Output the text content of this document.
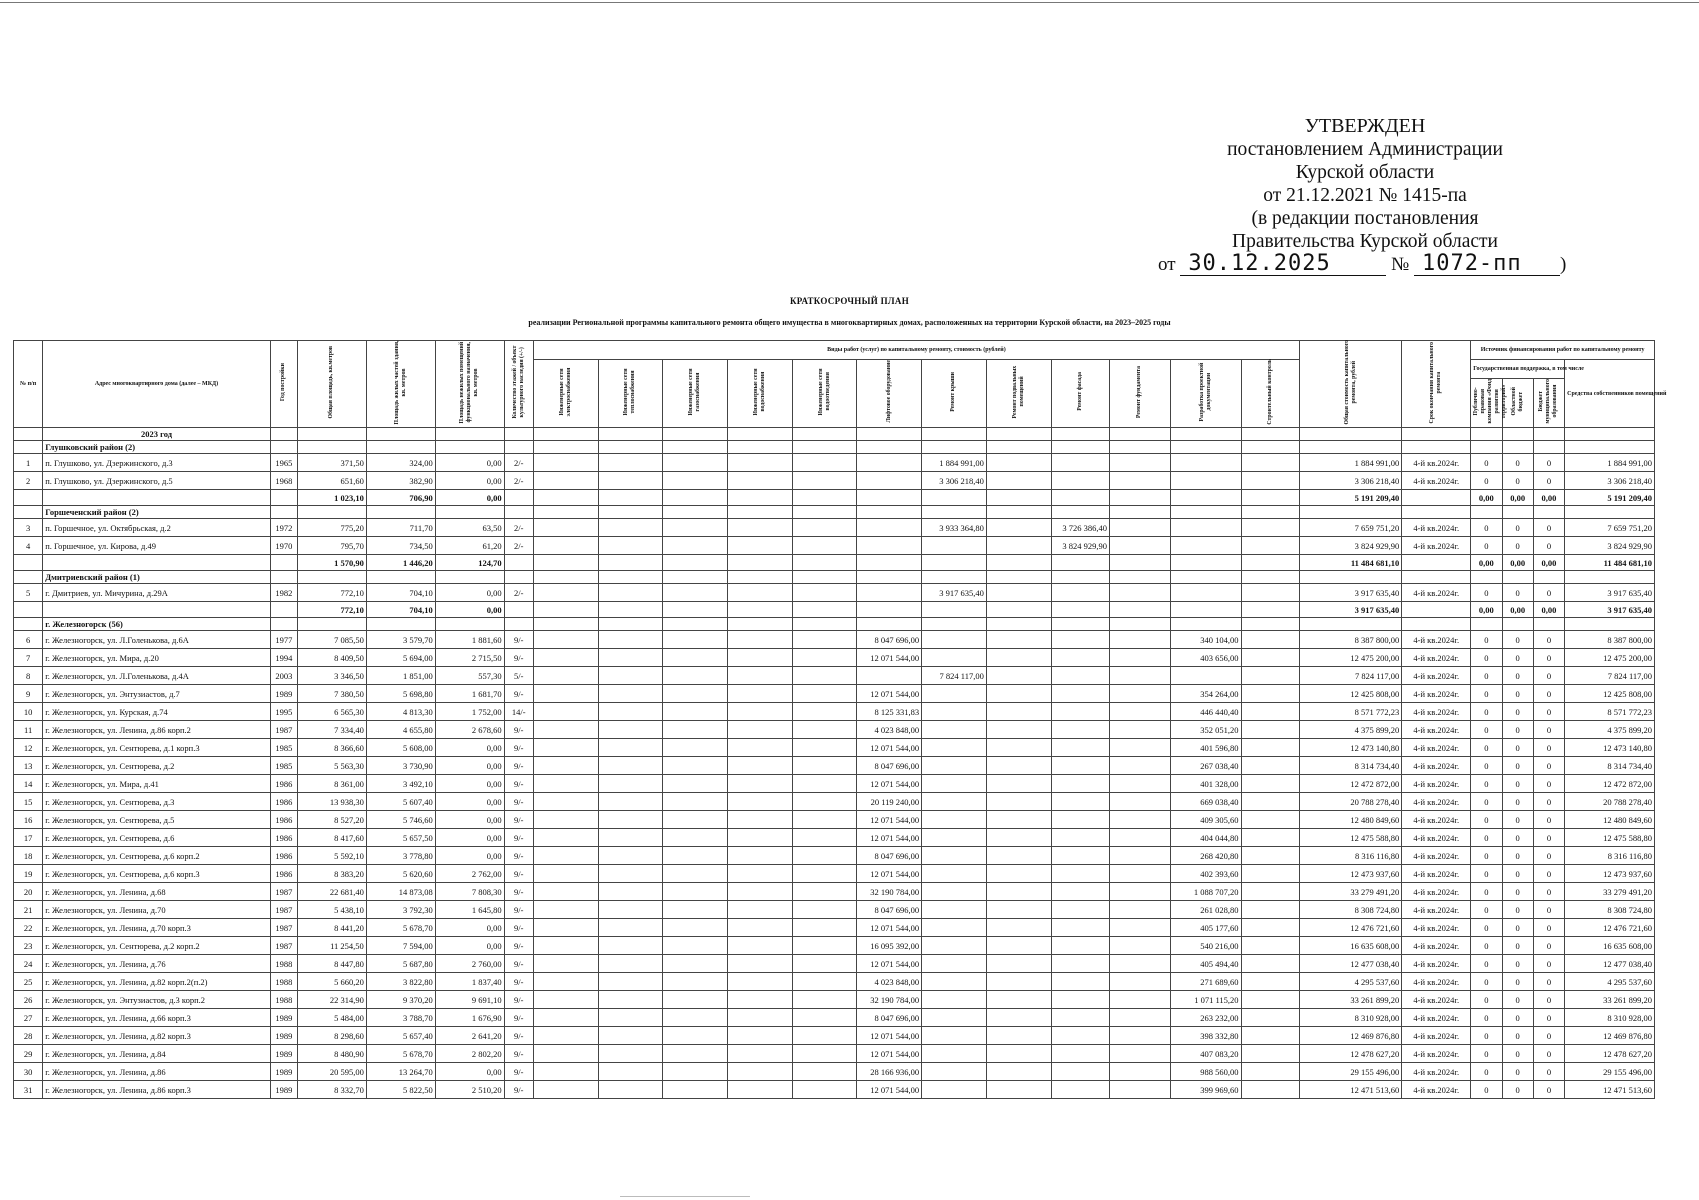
УТВЕРЖДЕН
постановлением Администрации
Курской области
от 21.12.2021 № 1415-па
(в редакции постановления
Правительства Курской области
от 30.12.2025	№ 1072-пп )
КРАТКОСРОЧНЫЙ ПЛАН
реализации Региональной программы капитального ремонта общего имущества в многоквартирных домах, расположенных на территории Курской области, на 2023–2025 годы
№ п/п	Адрес многоквартирного дома (далее – МКД)	Год постройки	Общая площадь, кв.метров	Площадь жилых частей здания, кв. метров	Площадь нежилых помещений функционального назначения, кв. метров	Количество этажей / объект культурного наследия (+/-)	Виды работ (услуг) по капитальному ремонту, стоимость (рублей)												Общая стоимость капитального ремонта, рублей	Срок окончания капитального ремонта	Источник финансирования работ по капитальному ремонту			
							Инженерные сети электроснабжения	Инженерные сети теплоснабжения	Инженерные сети газоснабжения	Инженерные сети водоснабжения	Инженерные сети водоотведения	Лифтовое оборудование	Ремонт крыши	Ремонт подвальных помещений	Ремонт фасада	Ремонт фундамента	Разработка проектной документации	Строительный контроль			Государственная поддержка, в том числе			Средства собственников помещений
																					Публично-правовая компания «Фонд развития территорий»	Областной бюджет	Бюджет муниципального образования	
	2023 год																							
	Глушковский район (2)																							
1	п. Глушково, ул. Дзержинского, д.3	1965	371,50	324,00	0,00	2/-							1 884 991,00						1 884 991,00	4-й кв.2024г.	0	0	0	1 884 991,00
2	п. Глушково, ул. Дзержинского, д.5	1968	651,60	382,90	0,00	2/-							3 306 218,40						3 306 218,40	4-й кв.2024г.	0	0	0	3 306 218,40
			1 023,10	706,90	0,00														5 191 209,40		0,00	0,00	0,00	5 191 209,40
	Горшеченский район (2)																							
3	п. Горшечное, ул. Октябрьская, д.2	1972	775,20	711,70	63,50	2/-							3 933 364,80		3 726 386,40				7 659 751,20	4-й кв.2024г.	0	0	0	7 659 751,20
4	п. Горшечное, ул. Кирова, д.49	1970	795,70	734,50	61,20	2/-									3 824 929,90				3 824 929,90	4-й кв.2024г.	0	0	0	3 824 929,90
			1 570,90	1 446,20	124,70														11 484 681,10		0,00	0,00	0,00	11 484 681,10
	Дмитриевский район (1)																							
5	г. Дмитриев, ул. Мичурина, д.29А	1982	772,10	704,10	0,00	2/-							3 917 635,40						3 917 635,40	4-й кв.2024г.	0	0	0	3 917 635,40
			772,10	704,10	0,00														3 917 635,40		0,00	0,00	0,00	3 917 635,40
	г. Железногорск (56)																							
6	г. Железногорск, ул. Л.Голенькова, д.6А	1977	7 085,50	3 579,70	1 881,60	9/-						8 047 696,00					340 104,00		8 387 800,00	4-й кв.2024г.	0	0	0	8 387 800,00
7	г. Железногорск, ул. Мира, д.20	1994	8 409,50	5 694,00	2 715,50	9/-						12 071 544,00					403 656,00		12 475 200,00	4-й кв.2024г.	0	0	0	12 475 200,00
8	г. Железногорск, ул. Л.Голенькова, д.4А	2003	3 346,50	1 851,00	557,30	5/-							7 824 117,00						7 824 117,00	4-й кв.2024г.	0	0	0	7 824 117,00
9	г. Железногорск, ул. Энтузиастов, д.7	1989	7 380,50	5 698,80	1 681,70	9/-						12 071 544,00					354 264,00		12 425 808,00	4-й кв.2024г.	0	0	0	12 425 808,00
10	г. Железногорск, ул. Курская, д.74	1995	6 565,30	4 813,30	1 752,00	14/-						8 125 331,83					446 440,40		8 571 772,23	4-й кв.2024г.	0	0	0	8 571 772,23
11	г. Железногорск, ул. Ленина, д.86 корп.2	1987	7 334,40	4 655,80	2 678,60	9/-						4 023 848,00					352 051,20		4 375 899,20	4-й кв.2024г.	0	0	0	4 375 899,20
12	г. Железногорск, ул. Сентюрева, д.1 корп.3	1985	8 366,60	5 608,00	0,00	9/-						12 071 544,00					401 596,80		12 473 140,80	4-й кв.2024г.	0	0	0	12 473 140,80
13	г. Железногорск, ул. Сентюрева, д.2	1985	5 563,30	3 730,90	0,00	9/-						8 047 696,00					267 038,40		8 314 734,40	4-й кв.2024г.	0	0	0	8 314 734,40
14	г. Железногорск, ул. Мира, д.41	1986	8 361,00	3 492,10	0,00	9/-						12 071 544,00					401 328,00		12 472 872,00	4-й кв.2024г.	0	0	0	12 472 872,00
15	г. Железногорск, ул. Сентюрева, д.3	1986	13 938,30	5 607,40	0,00	9/-						20 119 240,00					669 038,40		20 788 278,40	4-й кв.2024г.	0	0	0	20 788 278,40
16	г. Железногорск, ул. Сентюрева, д.5	1986	8 527,20	5 746,60	0,00	9/-						12 071 544,00					409 305,60		12 480 849,60	4-й кв.2024г.	0	0	0	12 480 849,60
17	г. Железногорск, ул. Сентюрева, д.6	1986	8 417,60	5 657,50	0,00	9/-						12 071 544,00					404 044,80		12 475 588,80	4-й кв.2024г.	0	0	0	12 475 588,80
18	г. Железногорск, ул. Сентюрева, д.6 корп.2	1986	5 592,10	3 778,80	0,00	9/-						8 047 696,00					268 420,80		8 316 116,80	4-й кв.2024г.	0	0	0	8 316 116,80
19	г. Железногорск, ул. Сентюрева, д.6 корп.3	1986	8 383,20	5 620,60	2 762,00	9/-						12 071 544,00					402 393,60		12 473 937,60	4-й кв.2024г.	0	0	0	12 473 937,60
20	г. Железногорск, ул. Ленина, д.68	1987	22 681,40	14 873,08	7 808,30	9/-						32 190 784,00					1 088 707,20		33 279 491,20	4-й кв.2024г.	0	0	0	33 279 491,20
21	г. Железногорск, ул. Ленина, д.70	1987	5 438,10	3 792,30	1 645,80	9/-						8 047 696,00					261 028,80		8 308 724,80	4-й кв.2024г.	0	0	0	8 308 724,80
22	г. Железногорск, ул. Ленина, д.70 корп.3	1987	8 441,20	5 678,70	0,00	9/-						12 071 544,00					405 177,60		12 476 721,60	4-й кв.2024г.	0	0	0	12 476 721,60
23	г. Железногорск, ул. Сентюрева, д.2 корп.2	1987	11 254,50	7 594,00	0,00	9/-						16 095 392,00					540 216,00		16 635 608,00	4-й кв.2024г.	0	0	0	16 635 608,00
24	г. Железногорск, ул. Ленина, д.76	1988	8 447,80	5 687,80	2 760,00	9/-						12 071 544,00					405 494,40		12 477 038,40	4-й кв.2024г.	0	0	0	12 477 038,40
25	г. Железногорск, ул. Ленина, д.82 корп.2(п.2)	1988	5 660,20	3 822,80	1 837,40	9/-						4 023 848,00					271 689,60		4 295 537,60	4-й кв.2024г.	0	0	0	4 295 537,60
26	г. Железногорск, ул. Энтузиастов, д.3 корп.2	1988	22 314,90	9 370,20	9 691,10	9/-						32 190 784,00					1 071 115,20		33 261 899,20	4-й кв.2024г.	0	0	0	33 261 899,20
27	г. Железногорск, ул. Ленина, д.66 корп.3	1989	5 484,00	3 788,70	1 676,90	9/-						8 047 696,00					263 232,00		8 310 928,00	4-й кв.2024г.	0	0	0	8 310 928,00
28	г. Железногорск, ул. Ленина, д.82 корп.3	1989	8 298,60	5 657,40	2 641,20	9/-						12 071 544,00					398 332,80		12 469 876,80	4-й кв.2024г.	0	0	0	12 469 876,80
29	г. Железногорск, ул. Ленина, д.84	1989	8 480,90	5 678,70	2 802,20	9/-						12 071 544,00					407 083,20		12 478 627,20	4-й кв.2024г.	0	0	0	12 478 627,20
30	г. Железногорск, ул. Ленина, д.86	1989	20 595,00	13 264,70	0,00	9/-						28 166 936,00					988 560,00		29 155 496,00	4-й кв.2024г.	0	0	0	29 155 496,00
31	г. Железногорск, ул. Ленина, д.86 корп.3	1989	8 332,70	5 822,50	2 510,20	9/-						12 071 544,00					399 969,60		12 471 513,60	4-й кв.2024г.	0	0	0	12 471 513,60
